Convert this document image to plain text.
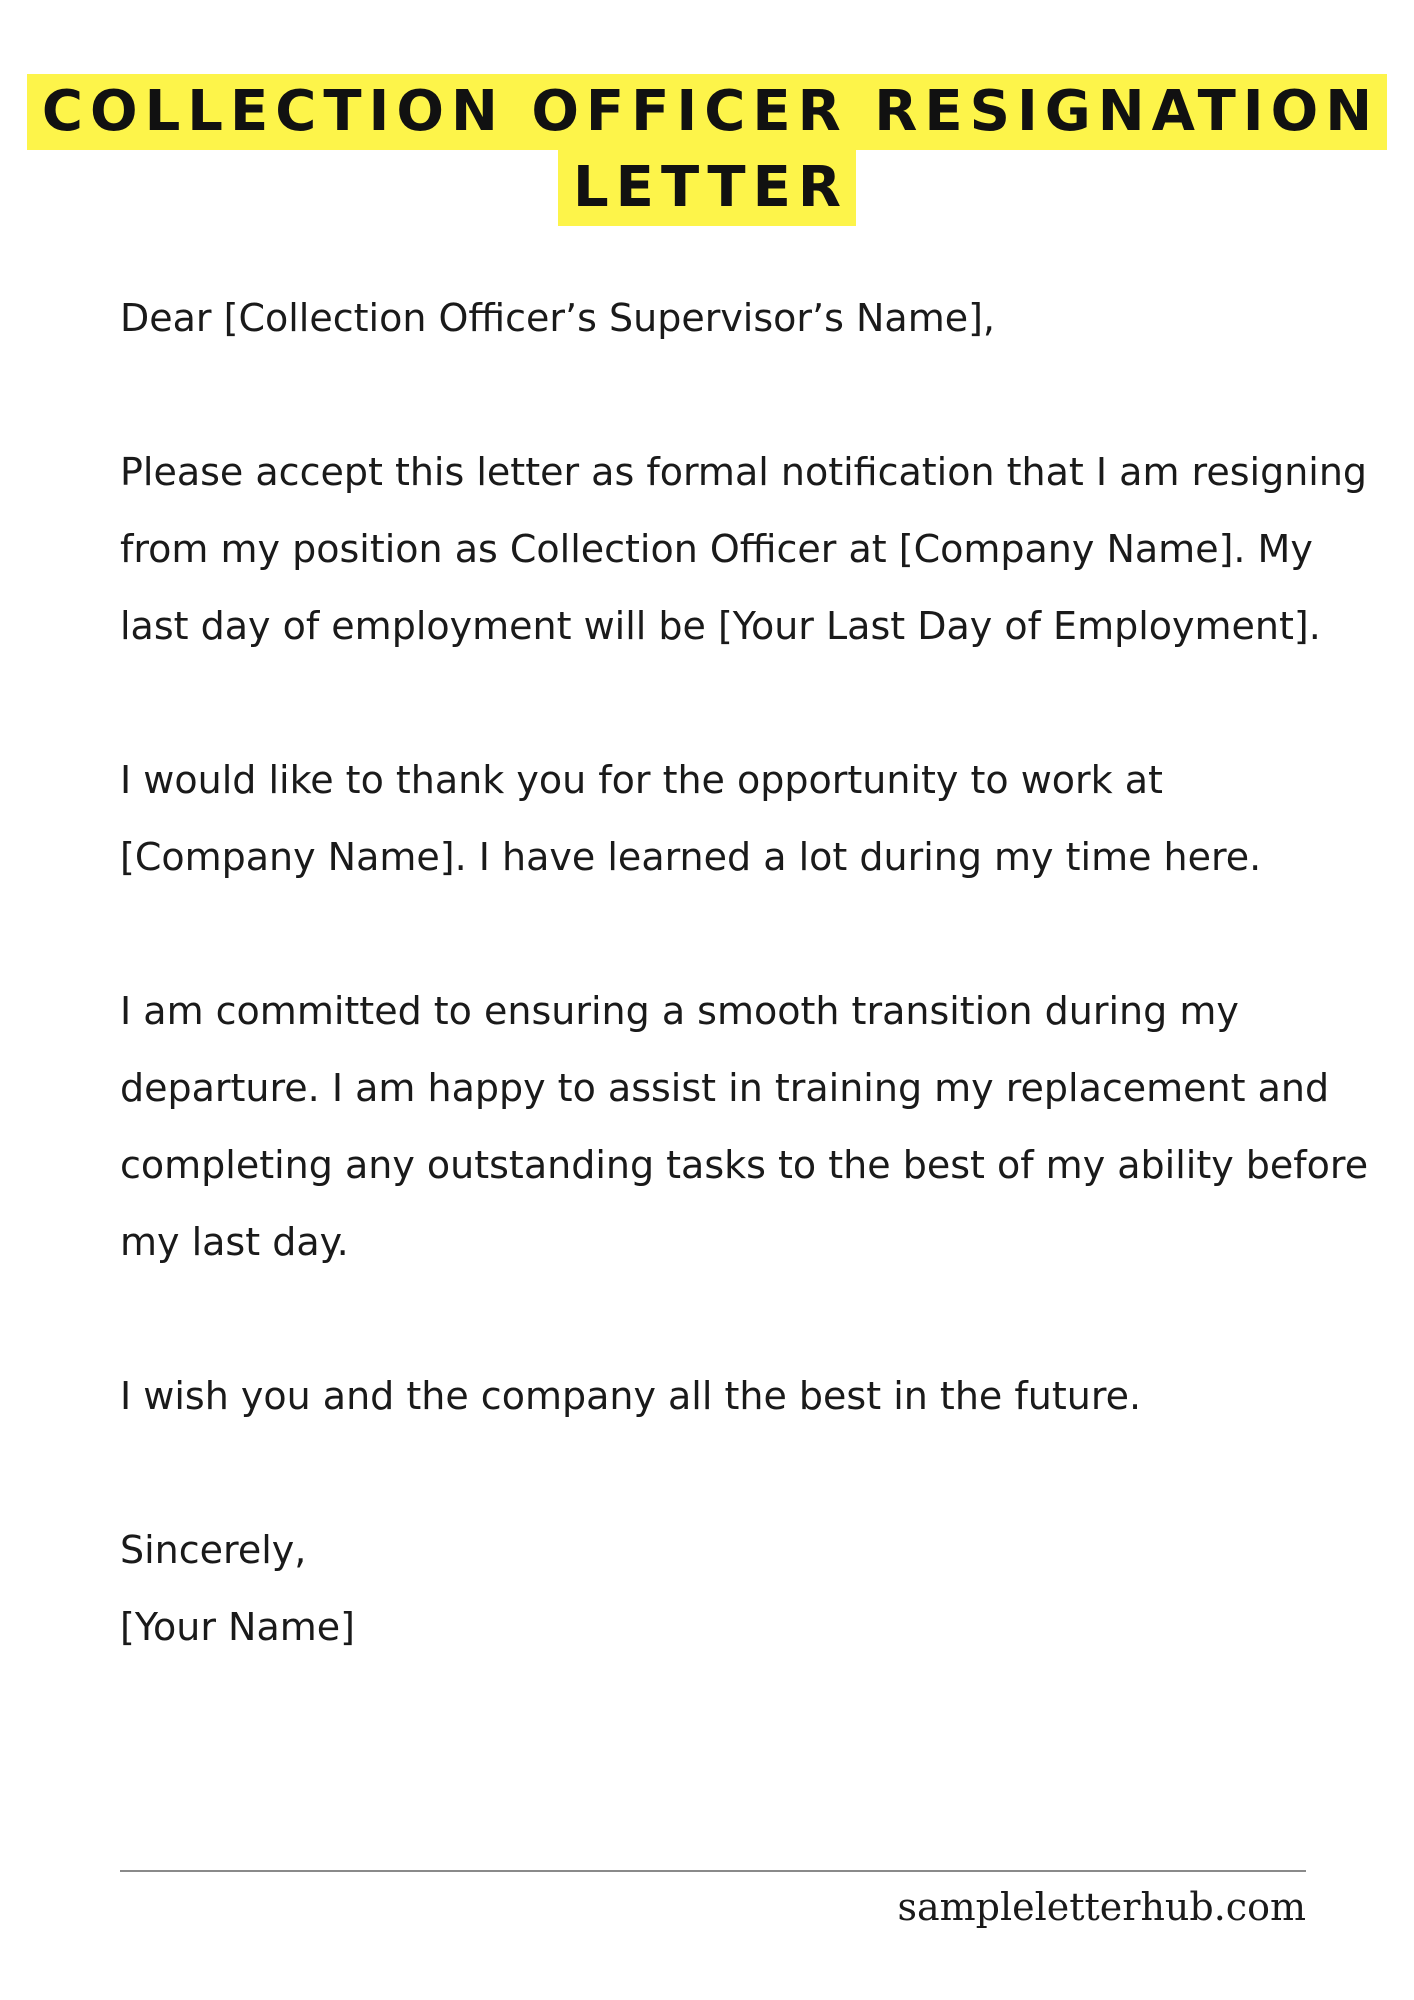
COLLECTION OFFICER RESIGNATION
LETTER

Dear [Collection Officer’s Supervisor’s Name],

Please accept this letter as formal notification that I am resigning from my position as Collection Officer at [Company Name]. My last day of employment will be [Your Last Day of Employment].

I would like to thank you for the opportunity to work at [Company Name]. I have learned a lot during my time here.

I am committed to ensuring a smooth transition during my departure. I am happy to assist in training my replacement and completing any outstanding tasks to the best of my ability before my last day.

I wish you and the company all the best in the future.

Sincerely,

[Your Name]

sampleletterhub.com
